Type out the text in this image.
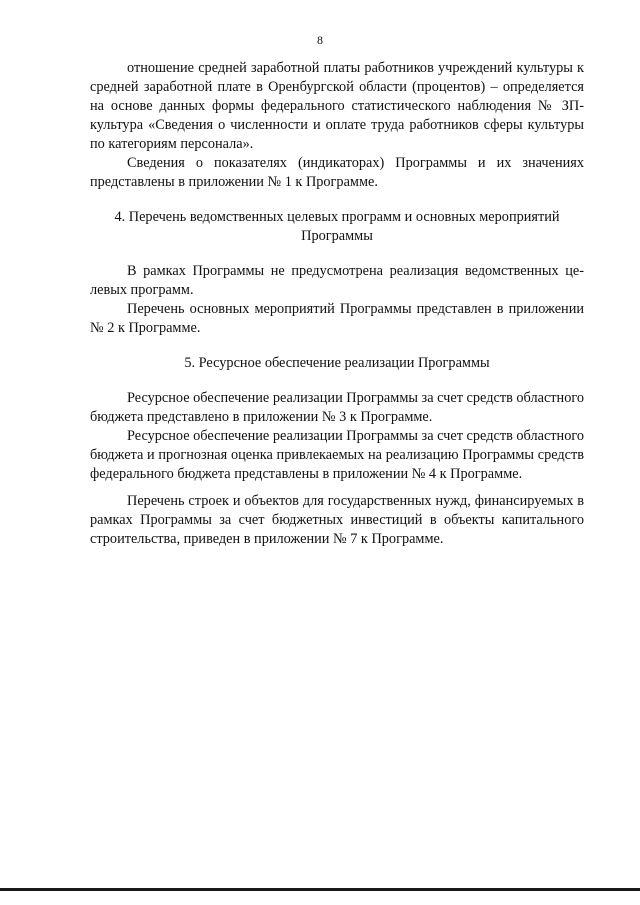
8

отношение средней заработной платы работников учреждений культуры к средней заработной плате в Оренбургской области (процентов) – определяется на основе данных формы федерального статистического наблюдения № ЗП-культура «Сведения о численности и оплате труда работников сферы культуры по категориям персонала».

Сведения о показателях (индикаторах) Программы и их значениях представлены в приложении № 1 к Программе.

4. Перечень ведомственных целевых программ и основных мероприятий
Программы

В рамках Программы не предусмотрена реализация ведомственных целевых программ.

Перечень основных мероприятий Программы представлен в приложении № 2 к Программе.

5. Ресурсное обеспечение реализации Программы

Ресурсное обеспечение реализации Программы за счет средств областного бюджета представлено в приложении № 3 к Программе.

Ресурсное обеспечение реализации Программы за счет средств областного бюджета и прогнозная оценка привлекаемых на реализацию Программы средств федерального бюджета представлены в приложении № 4 к Программе.

Перечень строек и объектов для государственных нужд, финансируемых в рамках Программы за счет бюджетных инвестиций в объекты капитального строительства, приведен в приложении № 7 к Программе.
